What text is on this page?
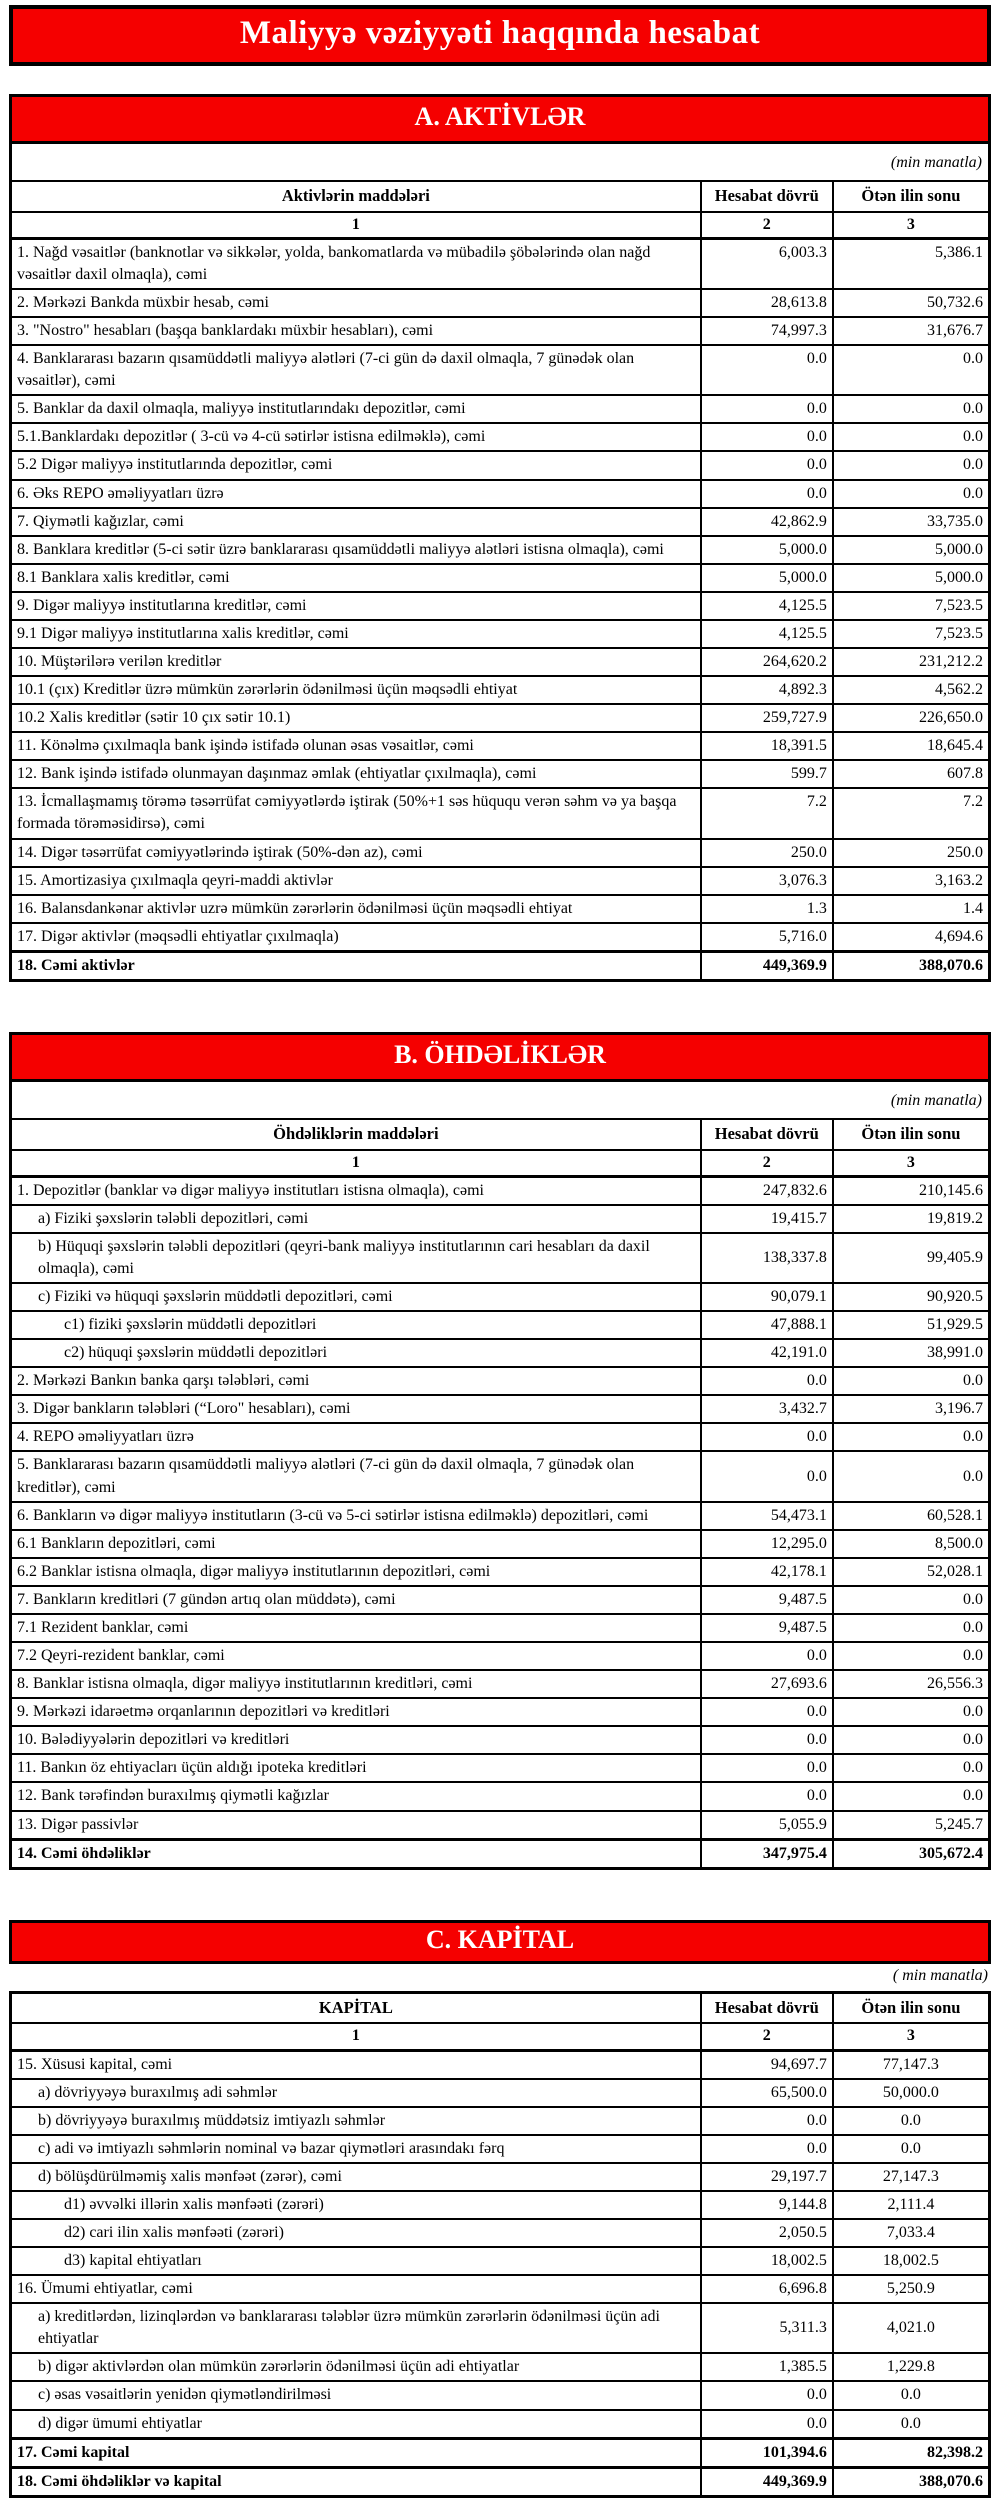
Maliyyə vəziyyəti haqqında hesabat
A. AKTİVLƏR		
(min manatla)		
Aktivlərin maddələri	Hesabat dövrü	Ötən ilin sonu
1	2	3
1. Nağd vəsaitlər (banknotlar və sikkələr, yolda, bankomatlarda və mübadilə şöbələrində olan nağd vəsaitlər daxil olmaqla), cəmi	6,003.3	5,386.1
2. Mərkəzi Bankda müxbir hesab, cəmi	28,613.8	50,732.6
3. "Nostro" hesabları (başqa banklardakı müxbir hesabları), cəmi	74,997.3	31,676.7
4. Banklararası bazarın qısamüddətli maliyyə alətləri (7-ci gün də daxil olmaqla, 7 günədək olan vəsaitlər), cəmi	0.0	0.0
5. Banklar da daxil olmaqla, maliyyə institutlarındakı depozitlər, cəmi	0.0	0.0
5.1.Banklardakı depozitlər ( 3-cü və 4-cü sətirlər istisna edilməklə), cəmi	0.0	0.0
5.2 Digər maliyyə institutlarında depozitlər, cəmi	0.0	0.0
6. Əks REPO əməliyyatları üzrə	0.0	0.0
7. Qiymətli kağızlar, cəmi	42,862.9	33,735.0
8. Banklara kreditlər (5-ci sətir üzrə banklararası qısamüddətli maliyyə alətləri istisna olmaqla), cəmi	5,000.0	5,000.0
8.1 Banklara xalis kreditlər, cəmi	5,000.0	5,000.0
9. Digər maliyyə institutlarına kreditlər, cəmi	4,125.5	7,523.5
9.1 Digər maliyyə institutlarına xalis kreditlər, cəmi	4,125.5	7,523.5
10. Müştərilərə verilən kreditlər	264,620.2	231,212.2
10.1 (çıx) Kreditlər üzrə mümkün zərərlərin ödənilməsi üçün məqsədli ehtiyat	4,892.3	4,562.2
10.2 Xalis kreditlər (sətir 10 çıx sətir 10.1)	259,727.9	226,650.0
11. Könəlmə çıxılmaqla bank işində istifadə olunan əsas vəsaitlər, cəmi	18,391.5	18,645.4
12. Bank işində istifadə olunmayan daşınmaz əmlak (ehtiyatlar çıxılmaqla), cəmi	599.7	607.8
13. İcmallaşmamış törəmə təsərrüfat cəmiyyətlərdə iştirak (50%+1 səs hüququ verən səhm və ya başqa formada törəməsidirsə), cəmi	7.2	7.2
14. Digər təsərrüfat cəmiyyətlərində iştirak (50%-dən az), cəmi	250.0	250.0
15. Amortizasiya çıxılmaqla qeyri-maddi aktivlər	3,076.3	3,163.2
16. Balansdankənar aktivlər uzrə mümkün zərərlərin ödənilməsi üçün məqsədli ehtiyat	1.3	1.4
17. Digər aktivlər (məqsədli ehtiyatlar çıxılmaqla)	5,716.0	4,694.6
18. Cəmi aktivlər	449,369.9	388,070.6
B. ÖHDƏLİKLƏR		
(min manatla)		
Öhdəliklərin maddələri	Hesabat dövrü	Ötən ilin sonu
1	2	3
1. Depozitlər (banklar və digər maliyyə institutları istisna olmaqla), cəmi	247,832.6	210,145.6
a) Fiziki şəxslərin tələbli depozitləri, cəmi	19,415.7	19,819.2
b) Hüquqi şəxslərin tələbli depozitləri (qeyri-bank maliyyə institutlarının cari hesabları da daxil olmaqla), cəmi	138,337.8	99,405.9
c) Fiziki və hüquqi şəxslərin müddətli depozitləri, cəmi	90,079.1	90,920.5
c1) fiziki şəxslərin müddətli depozitləri	47,888.1	51,929.5
c2) hüquqi şəxslərin müddətli depozitləri	42,191.0	38,991.0
2. Mərkəzi Bankın banka qarşı tələbləri, cəmi	0.0	0.0
3. Digər bankların tələbləri (“Loro" hesabları), cəmi	3,432.7	3,196.7
4. REPO əməliyyatları üzrə	0.0	0.0
5. Banklararası bazarın qısamüddətli maliyyə alətləri (7-ci gün də daxil olmaqla, 7 günədək olan kreditlər), cəmi	0.0	0.0
6. Bankların və digər maliyyə institutların (3-cü və 5-ci sətirlər istisna edilməklə) depozitləri, cəmi	54,473.1	60,528.1
6.1 Bankların depozitləri, cəmi	12,295.0	8,500.0
6.2 Banklar istisna olmaqla, digər maliyyə institutlarının depozitləri, cəmi	42,178.1	52,028.1
7. Bankların kreditləri (7 gündən artıq olan müddətə), cəmi	9,487.5	0.0
7.1 Rezident banklar, cəmi	9,487.5	0.0
7.2 Qeyri-rezident banklar, cəmi	0.0	0.0
8. Banklar istisna olmaqla, digər maliyyə institutlarının kreditləri, cəmi	27,693.6	26,556.3
9. Mərkəzi idarəetmə orqanlarının depozitləri və kreditləri	0.0	0.0
10. Bələdiyyələrin depozitləri və kreditləri	0.0	0.0
11. Bankın öz ehtiyacları üçün aldığı ipoteka kreditləri	0.0	0.0
12. Bank tərəfindən buraxılmış qiymətli kağızlar	0.0	0.0
13. Digər passivlər	5,055.9	5,245.7
14. Cəmi öhdəliklər	347,975.4	305,672.4
C. KAPİTAL
( min manatla)
KAPİTAL	Hesabat dövrü	Ötən ilin sonu
1	2	3
15. Xüsusi kapital, cəmi	94,697.7	77,147.3
a) dövriyyəyə buraxılmış adi səhmlər	65,500.0	50,000.0
b) dövriyyəyə buraxılmış müddətsiz imtiyazlı səhmlər	0.0	0.0
c) adi və imtiyazlı səhmlərin nominal və bazar qiymətləri arasındakı fərq	0.0	0.0
d) bölüşdürülməmiş xalis mənfəət (zərər), cəmi	29,197.7	27,147.3
d1) əvvəlki illərin xalis mənfəəti (zərəri)	9,144.8	2,111.4
d2) cari ilin xalis mənfəəti (zərəri)	2,050.5	7,033.4
d3) kapital ehtiyatları	18,002.5	18,002.5
16. Ümumi ehtiyatlar, cəmi	6,696.8	5,250.9
a) kreditlərdən, lizinqlərdən və banklararası tələblər üzrə mümkün zərərlərin ödənilməsi üçün adi ehtiyatlar	5,311.3	4,021.0
b) digər aktivlərdən olan mümkün zərərlərin ödənilməsi üçün adi ehtiyatlar	1,385.5	1,229.8
c) əsas vəsaitlərin yenidən qiymətləndirilməsi	0.0	0.0
d) digər ümumi ehtiyatlar	0.0	0.0
17. Cəmi kapital	101,394.6	82,398.2
18. Cəmi öhdəliklər və kapital	449,369.9	388,070.6
